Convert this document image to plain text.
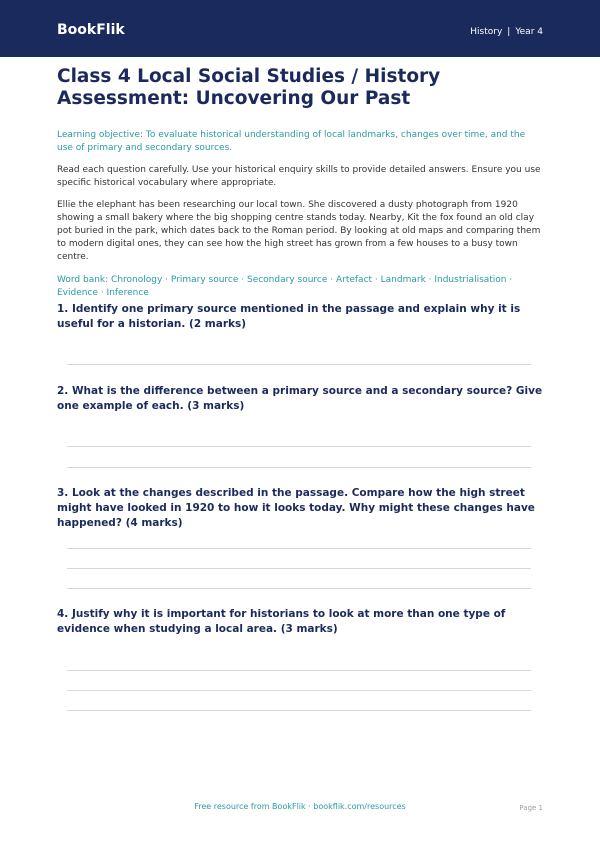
BookFlik	History | Year 4
Class 4 Local Social Studies / History Assessment: Uncovering Our Past
Learning objective: To evaluate historical understanding of local landmarks, changes over time, and the use of primary and secondary sources.
Read each question carefully. Use your historical enquiry skills to provide detailed answers. Ensure you use specific historical vocabulary where appropriate.
Ellie the elephant has been researching our local town. She discovered a dusty photograph from 1920 showing a small bakery where the big shopping centre stands today. Nearby, Kit the fox found an old clay pot buried in the park, which dates back to the Roman period. By looking at old maps and comparing them to modern digital ones, they can see how the high street has grown from a few houses to a busy town centre.
Word bank: Chronology · Primary source · Secondary source · Artefact · Landmark · Industrialisation · Evidence · Inference
1. Identify one primary source mentioned in the passage and explain why it is useful for a historian. (2 marks)
2. What is the difference between a primary source and a secondary source? Give one example of each. (3 marks)
3. Look at the changes described in the passage. Compare how the high street might have looked in 1920 to how it looks today. Why might these changes have happened? (4 marks)
4. Justify why it is important for historians to look at more than one type of evidence when studying a local area. (3 marks)
Free resource from BookFlik · bookflik.com/resources	Page 1
